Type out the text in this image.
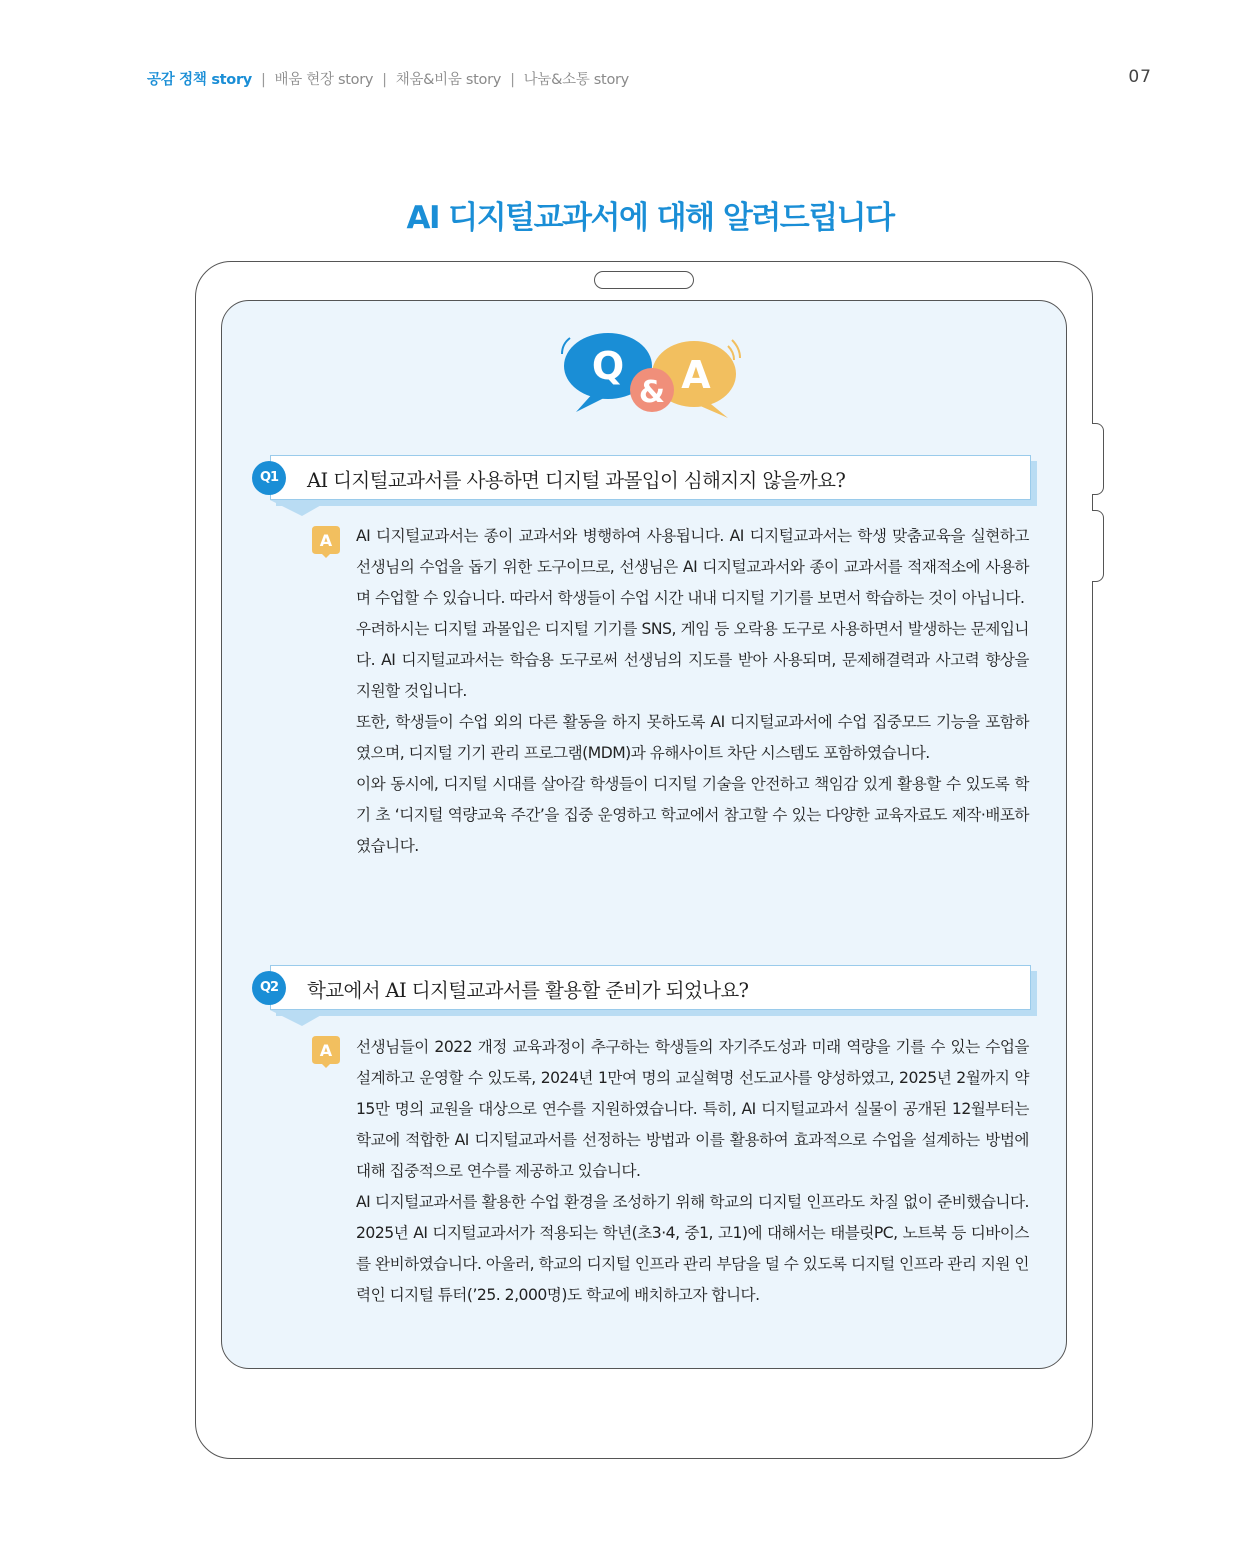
공감 정책 story | 배움 현장 story | 채움&비움 story | 나눔&소통 story	07
AI 디지털교과서에 대해 알려드립니다
Q
& A
Q1	AI 디지털교과서를 사용하면 디지털 과몰입이 심해지지 않을까요?
A AI 디지털교과서는 종이 교과서와 병행하여 사용됩니다. AI 디지털교과서는 학생 맞춤교육을 실현하고 선생님의 수업을 돕기 위한 도구이므로, 선생님은 AI 디지털교과서와 종이 교과서를 적재적소에 사용하며 수업할 수 있습니다. 따라서 학생들이 수업 시간 내내 디지털 기기를 보면서 학습하는 것이 아닙니다.

우려하시는 디지털 과몰입은 디지털 기기를 SNS, 게임 등 오락용 도구로 사용하면서 발생하는 문제입니다. AI 디지털교과서는 학습용 도구로써 선생님의 지도를 받아 사용되며, 문제해결력과 사고력 향상을 지원할 것입니다.

또한, 학생들이 수업 외의 다른 활동을 하지 못하도록 AI 디지털교과서에 수업 집중모드 기능을 포함하였으며, 디지털 기기 관리 프로그램(MDM)과 유해사이트 차단 시스템도 포함하였습니다.

이와 동시에, 디지털 시대를 살아갈 학생들이 디지털 기술을 안전하고 책임감 있게 활용할 수 있도록 학기 초 ‘디지털 역량교육 주간’을 집중 운영하고 학교에서 참고할 수 있는 다양한 교육자료도 제작·배포하였습니다.

Q2	학교에서 AI 디지털교과서를 활용할 준비가 되었나요?
A 선생님들이 2022 개정 교육과정이 추구하는 학생들의 자기주도성과 미래 역량을 기를 수 있는 수업을 설계하고 운영할 수 있도록, 2024년 1만여 명의 교실혁명 선도교사를 양성하였고, 2025년 2월까지 약 15만 명의 교원을 대상으로 연수를 지원하였습니다. 특히, AI 디지털교과서 실물이 공개된 12월부터는 학교에 적합한 AI 디지털교과서를 선정하는 방법과 이를 활용하여 효과적으로 수업을 설계하는 방법에 대해 집중적으로 연수를 제공하고 있습니다.

AI 디지털교과서를 활용한 수업 환경을 조성하기 위해 학교의 디지털 인프라도 차질 없이 준비했습니다. 2025년 AI 디지털교과서가 적용되는 학년(초3·4, 중1, 고1)에 대해서는 태블릿PC, 노트북 등 디바이스를 완비하였습니다. 아울러, 학교의 디지털 인프라 관리 부담을 덜 수 있도록 디지털 인프라 관리 지원 인력인 디지털 튜터(’25. 2,000명)도 학교에 배치하고자 합니다.
